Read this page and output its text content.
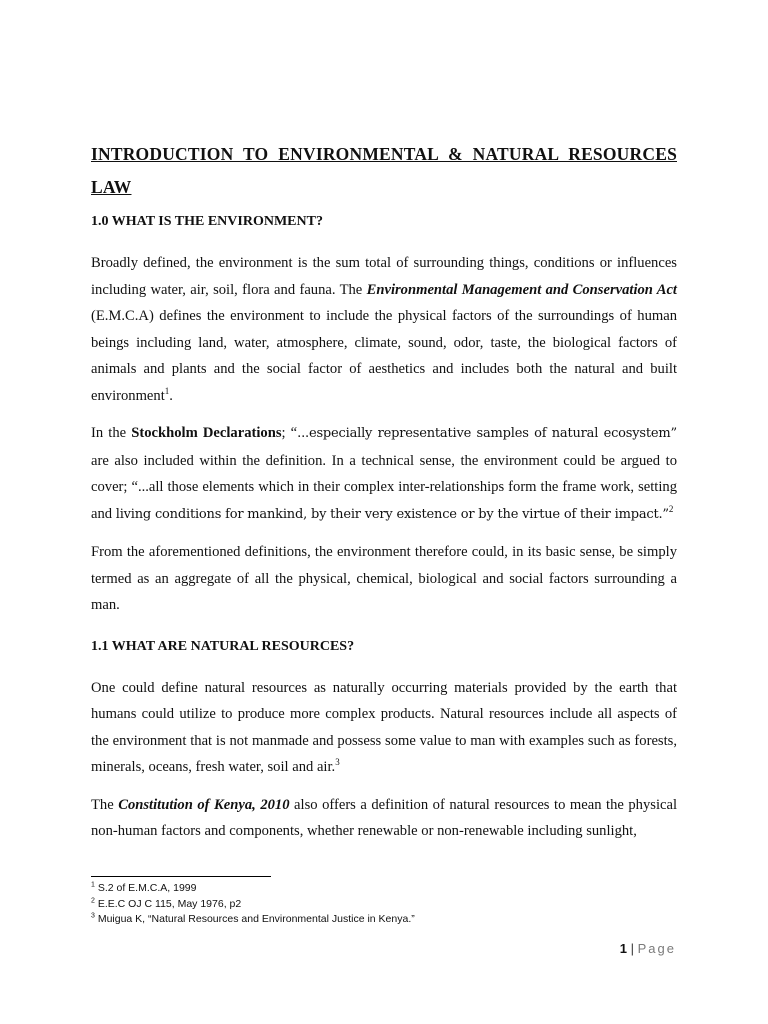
INTRODUCTION TO ENVIRONMENTAL & NATURAL RESOURCES LAW
1.0 WHAT IS THE ENVIRONMENT?

Broadly defined, the environment is the sum total of surrounding things, conditions or influences including water, air, soil, flora and fauna. The Environmental Management and Conservation Act (E.M.C.A) defines the environment to include the physical factors of the surroundings of human beings including land, water, atmosphere, climate, sound, odor, taste, the biological factors of animals and plants and the social factor of aesthetics and includes both the natural and built environment$^1$.

In the Stockholm Declarations; “...especially representative samples of natural ecosystem” are also included within the definition. In a technical sense, the environment could be argued to cover; “...all those elements which in their complex inter-relationships form the frame work, setting and living conditions for mankind, by their very existence or by the virtue of their impact.”$^2$

From the aforementioned definitions, the environment therefore could, in its basic sense, be simply termed as an aggregate of all the physical, chemical, biological and social factors surrounding a man.

1.1 WHAT ARE NATURAL RESOURCES?

One could define natural resources as naturally occurring materials provided by the earth that humans could utilize to produce more complex products. Natural resources include all aspects of the environment that is not manmade and possess some value to man with examples such as forests, minerals, oceans, fresh water, soil and air.$^3$

The Constitution of Kenya, 2010 also offers a definition of natural resources to mean the physical non-human factors and components, whether renewable or non-renewable including sunlight,

$^1$ S.2 of E.M.C.A, 1999
$^2$ E.E.C OJ C 115, May 1976, p2
$^3$ Muigua K, “Natural Resources and Environmental Justice in Kenya.”
1 | Page
